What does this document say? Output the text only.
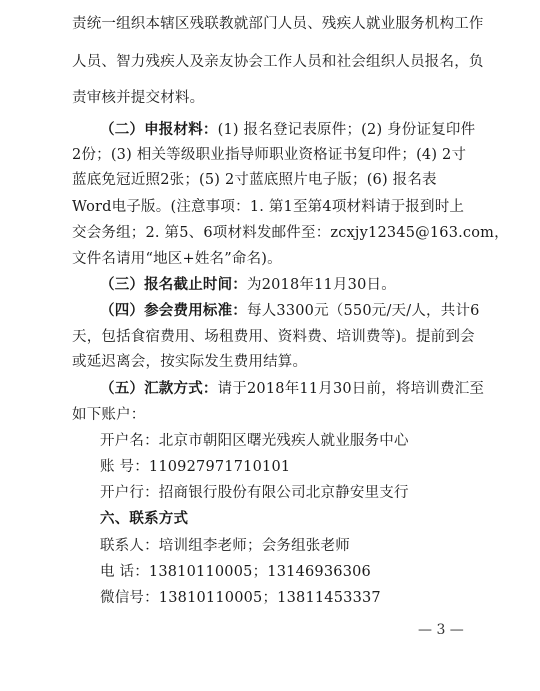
责统一组织本辖区残联教就部门人员、残疾人就业服务机构工作
人员、智力残疾人及亲友协会工作人员和社会组织人员报名，负
责审核并提交材料。
（二）申报材料：(1) 报名登记表原件；(2) 身份证复印件
2份；(3) 相关等级职业指导师职业资格证书复印件；(4) 2寸
蓝底免冠近照2张；(5) 2寸蓝底照片电子版；(6) 报名表
Word电子版。(注意事项：1. 第1至第4项材料请于报到时上
交会务组；2. 第5、6项材料发邮件至：zcxjy12345@163.com，
文件名请用“地区+姓名”命名)。
（三）报名截止时间：为2018年11月30日。
（四）参会费用标准：每人3300元（550元/天/人，共计6
天，包括食宿费用、场租费用、资料费、培训费等)。提前到会
或延迟离会，按实际发生费用结算。
（五）汇款方式：请于2018年11月30日前，将培训费汇至
如下账户：
开户名：北京市朝阳区曙光残疾人就业服务中心
账 号：110927971710101
开户行：招商银行股份有限公司北京静安里支行
六、联系方式
联系人：培训组李老师；会务组张老师
电 话：13810110005；13146936306
微信号：13810110005；13811453337
— 3 —
